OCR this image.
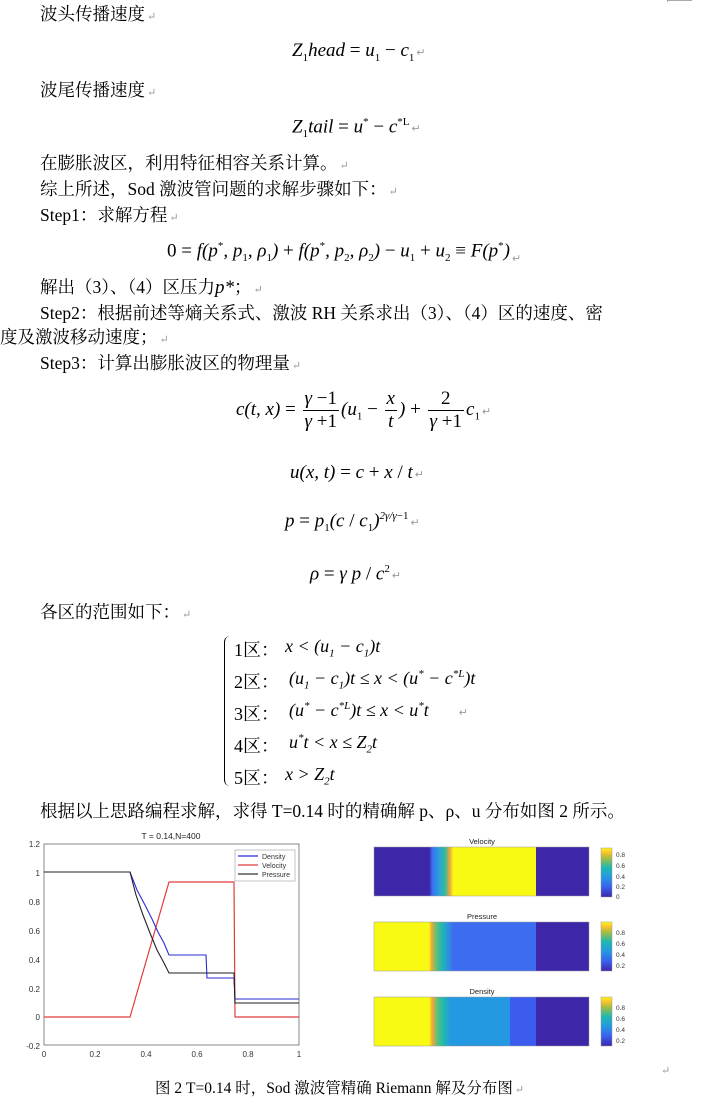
波头传播速度 ↵
$Z_1head = u_1 - c_1$ ↵
波尾传播速度 ↵
$Z_1tail = u^*$ − $c^{*L}↵$
在膨胀波区，利用特征相容关系计算。 ↵
综上所述，Sod 激波管问题的求解步骤如下： ↵
Step1：求解方程 ↵
0 = f(p*, $p_1$, $\rho_1) + f(p^*$, $p_2$, $\rho_2) - u_1 + u_2 \equiv F(p^*)$ $_↵$
解出（3）、（4）区压力p*； ↵
Step2：根据前述等熵关系式、激波 RH 关系求出（3）、（4）区的速度、密
度及激波移动速度； ↵
Step3：计算出膨胀波区的物理量 ↵
c(t, $x) = \frac{\gamma -1}{\gamma +1} (u_1 - \frac{x}{t}$ ) + $\frac{2}{\gamma +1} c_1$ ↵
u(x, t) = c + x / t ↵
$p = p_1(c$ / $c_1)^{2\gamma/\gamma-1}↵$
ρ = γ p / $c^2↵$
各区的范围如下： ↵
1区： $x < (u_1 - c_1)t$
2区： $(u_1 - c_1)t \le x < (u^* - c^{*L})t$
3区： $(u^* - c^{*L})t \le x < u^*t$	↵
4区： $u^*t < x \le Z_2t$
5区： $x > Z_2t$
根据以上思路编程求解，求得 T=0.14 时的精确解 p、ρ、u 分布如图 2 所示。
T = 0.14,N=400
1.2
1
0.8
0.6
0.4
0.2
0
-0.2
0	0.2	0.4	0.6	0.8	1
Density
Velocity
Pressure
Velocity
0.8
0.6
0.4
0.2
0
Pressure
0.8
0.6
0.4
0.2
Density
0.8
0.6
0.4
0.2
↵
图 2 T=0.14 时，Sod 激波管精确 Riemann 解及分布图 ↵
